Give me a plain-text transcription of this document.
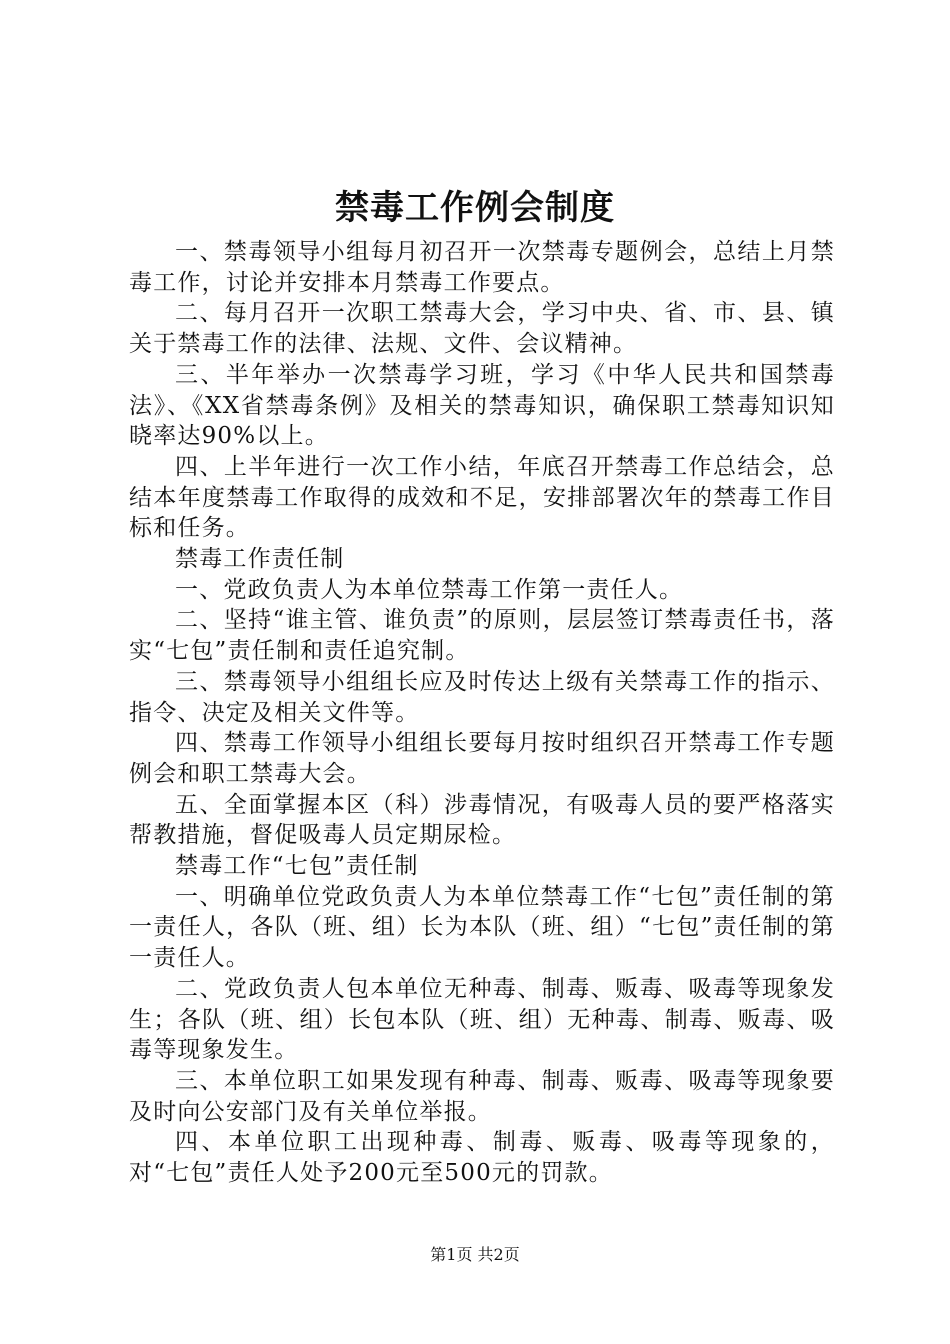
禁毒工作例会制度

一、禁毒领导小组每月初召开一次禁毒专题例会，总结上月禁毒工作，讨论并安排本月禁毒工作要点。

二、每月召开一次职工禁毒大会，学习中央、省、市、县、镇关于禁毒工作的法律、法规、文件、会议精神。

三、半年举办一次禁毒学习班，学习《中华人民共和国禁毒法》、《XX省禁毒条例》及相关的禁毒知识，确保职工禁毒知识知晓率达90%以上。

四、上半年进行一次工作小结，年底召开禁毒工作总结会，总结本年度禁毒工作取得的成效和不足，安排部署次年的禁毒工作目标和任务。

禁毒工作责任制

一、党政负责人为本单位禁毒工作第一责任人。

二、坚持“谁主管、谁负责”的原则，层层签订禁毒责任书，落实“七包”责任制和责任追究制。

三、禁毒领导小组组长应及时传达上级有关禁毒工作的指示、指令、决定及相关文件等。

四、禁毒工作领导小组组长要每月按时组织召开禁毒工作专题例会和职工禁毒大会。

五、全面掌握本区（科）涉毒情况，有吸毒人员的要严格落实帮教措施，督促吸毒人员定期尿检。

禁毒工作“七包”责任制

一、明确单位党政负责人为本单位禁毒工作“七包”责任制的第一责任人，各队（班、组）长为本队（班、组）“七包”责任制的第一责任人。

二、党政负责人包本单位无种毒、制毒、贩毒、吸毒等现象发生；各队（班、组）长包本队（班、组）无种毒、制毒、贩毒、吸毒等现象发生。

三、本单位职工如果发现有种毒、制毒、贩毒、吸毒等现象要及时向公安部门及有关单位举报。

四、本单位职工出现种毒、制毒、贩毒、吸毒等现象的，对“七包”责任人处予200元至500元的罚款。

第1页 共2页
